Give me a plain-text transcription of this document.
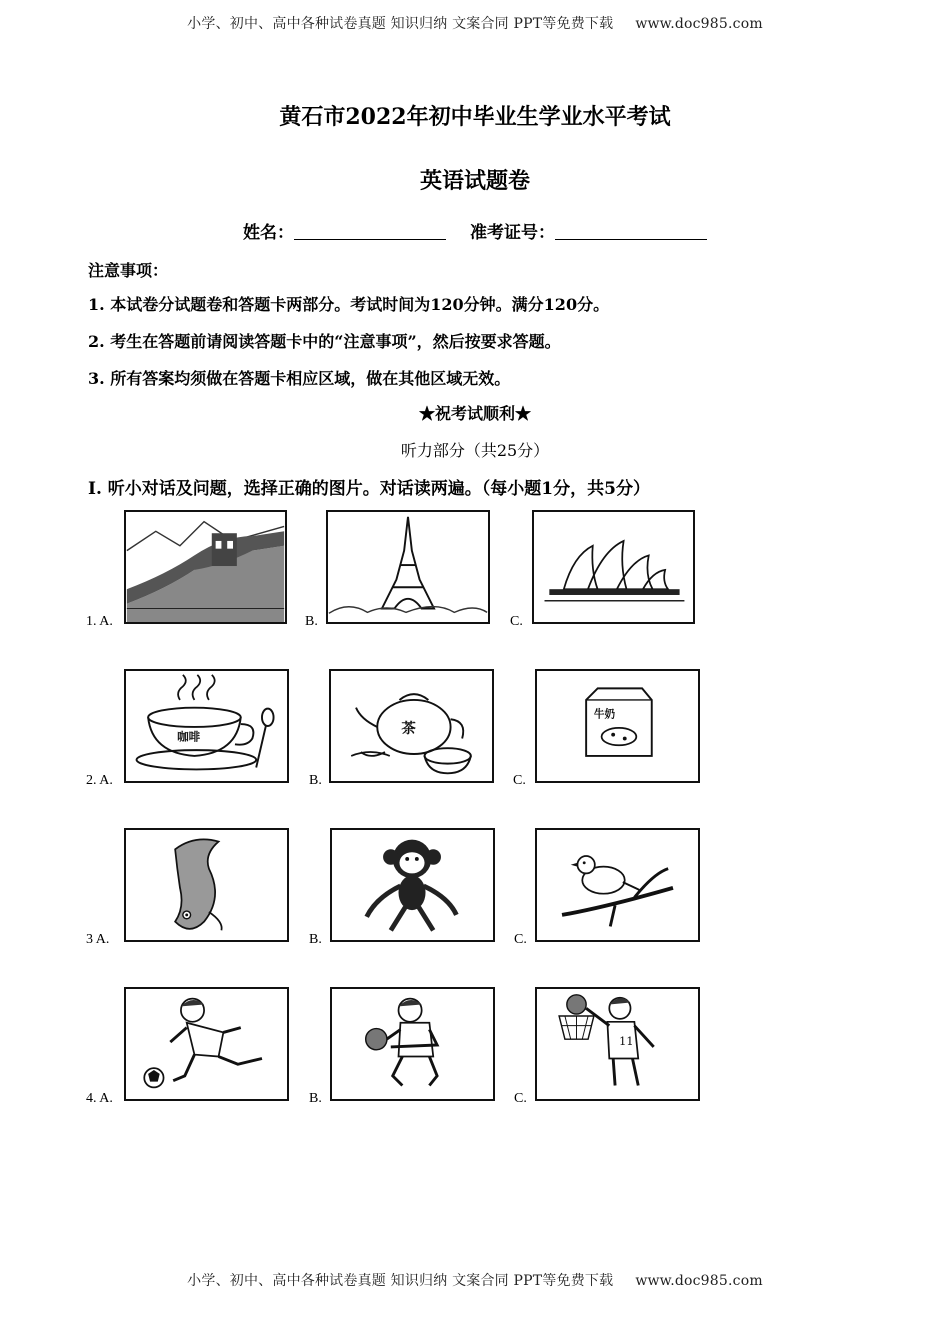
小学、初中、高中各种试卷真题 知识归纳 文案合同 PPT等免费下载 www.doc985.com
黄石市2022年初中毕业生学业水平考试
英语试题卷
姓名：	准考证号：
注意事项：
1. 本试卷分试题卷和答题卡两部分。考试时间为120分钟。满分120分。
2. 考生在答题前请阅读答题卡中的“注意事项”，然后按要求答题。
3. 所有答案均须做在答题卡相应区域，做在其他区域无效。
★祝考试顺利★
听力部分（共25分）
Ⅰ. 听小对话及问题，选择正确的图片。对话读两遍。（每小题1分，共5分）
1. A.	B.	C.
2. A.
咖啡
B.
茶
C.
牛奶
3 A.	B.	C.
4. A.	B.	C.
11
小学、初中、高中各种试卷真题 知识归纳 文案合同 PPT等免费下载 www.doc985.com
